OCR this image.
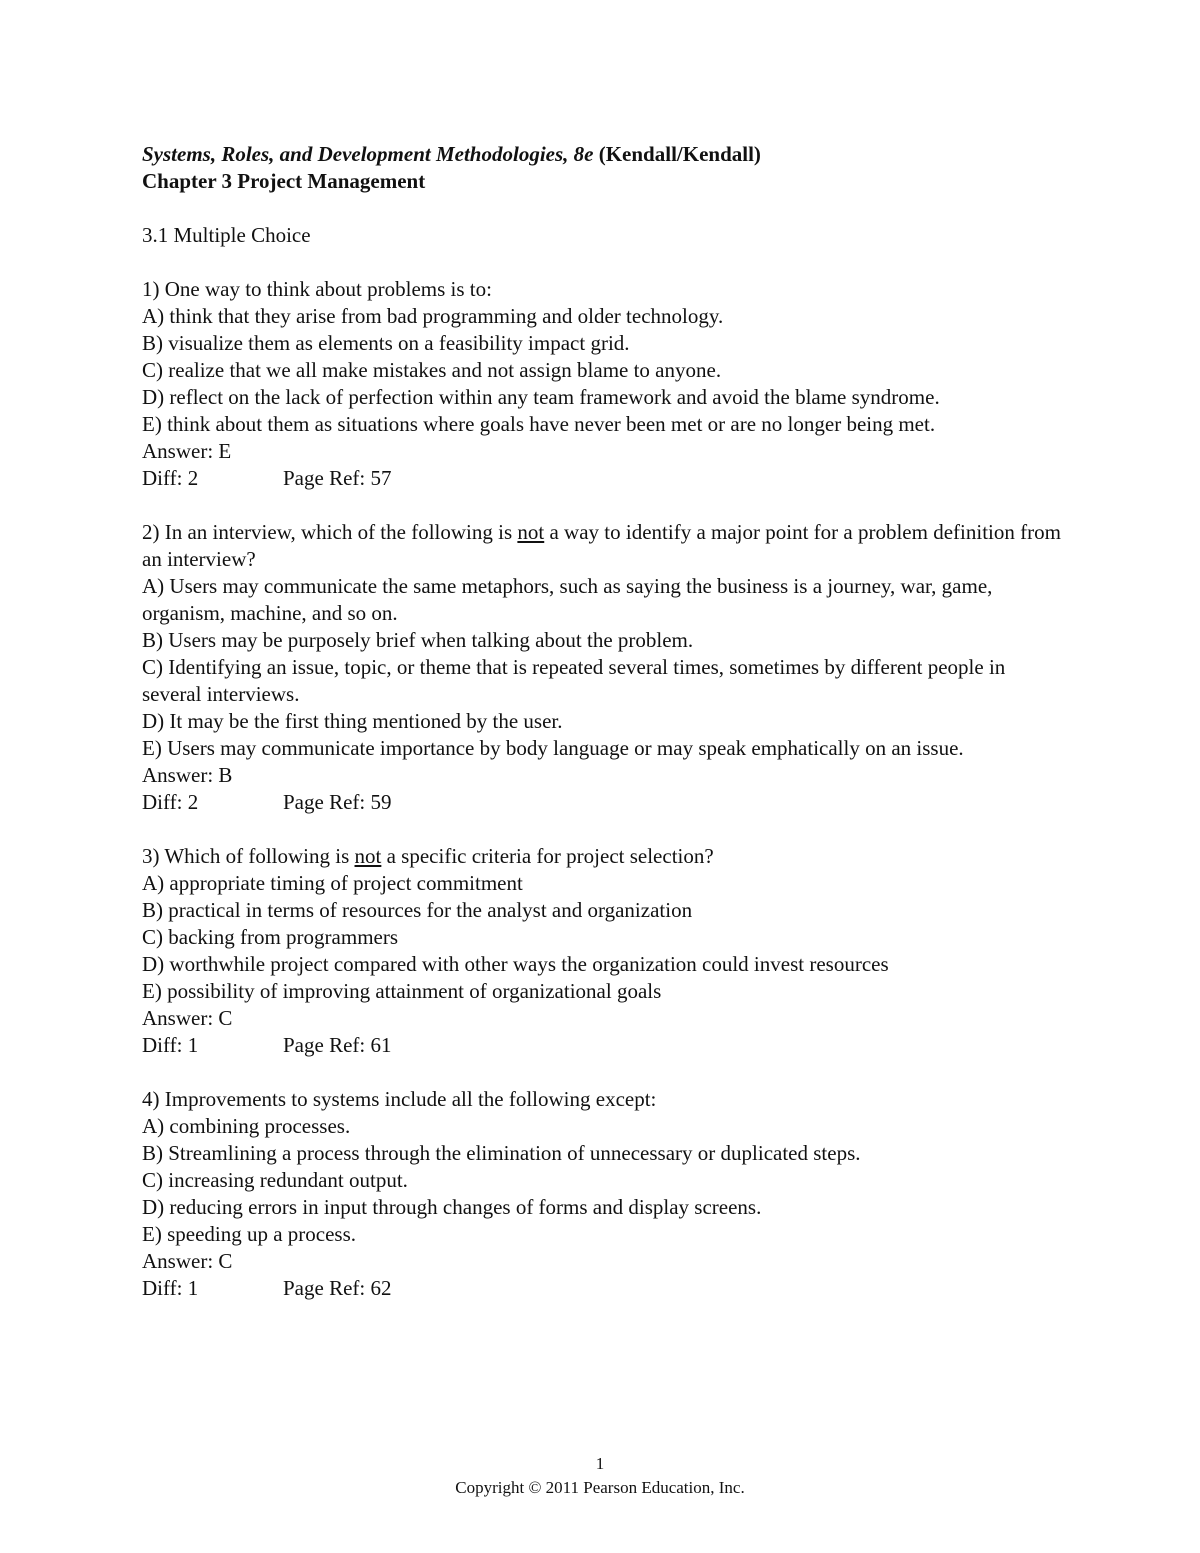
Systems, Roles, and Development Methodologies, 8e (Kendall/Kendall)

Chapter 3 Project Management

3.1 Multiple Choice

1) One way to think about problems is to:

A) think that they arise from bad programming and older technology.

B) visualize them as elements on a feasibility impact grid.

C) realize that we all make mistakes and not assign blame to anyone.

D) reflect on the lack of perfection within any team framework and avoid the blame syndrome.

E) think about them as situations where goals have never been met or are no longer being met.

Answer: E

Diff: 2	Page Ref: 57

2) In an interview, which of the following is not a way to identify a major point for a problem definition from an interview?

A) Users may communicate the same metaphors, such as saying the business is a journey, war, game, organism, machine, and so on.

B) Users may be purposely brief when talking about the problem.

C) Identifying an issue, topic, or theme that is repeated several times, sometimes by different people in several interviews.

D) It may be the first thing mentioned by the user.

E) Users may communicate importance by body language or may speak emphatically on an issue.

Answer: B

Diff: 2	Page Ref: 59

3) Which of following is not a specific criteria for project selection?

A) appropriate timing of project commitment

B) practical in terms of resources for the analyst and organization

C) backing from programmers

D) worthwhile project compared with other ways the organization could invest resources

E) possibility of improving attainment of organizational goals

Answer: C

Diff: 1	Page Ref: 61

4) Improvements to systems include all the following except:

A) combining processes.

B) Streamlining a process through the elimination of unnecessary or duplicated steps.

C) increasing redundant output.

D) reducing errors in input through changes of forms and display screens.

E) speeding up a process.

Answer: C

Diff: 1	Page Ref: 62

1
Copyright © 2011 Pearson Education, Inc.
